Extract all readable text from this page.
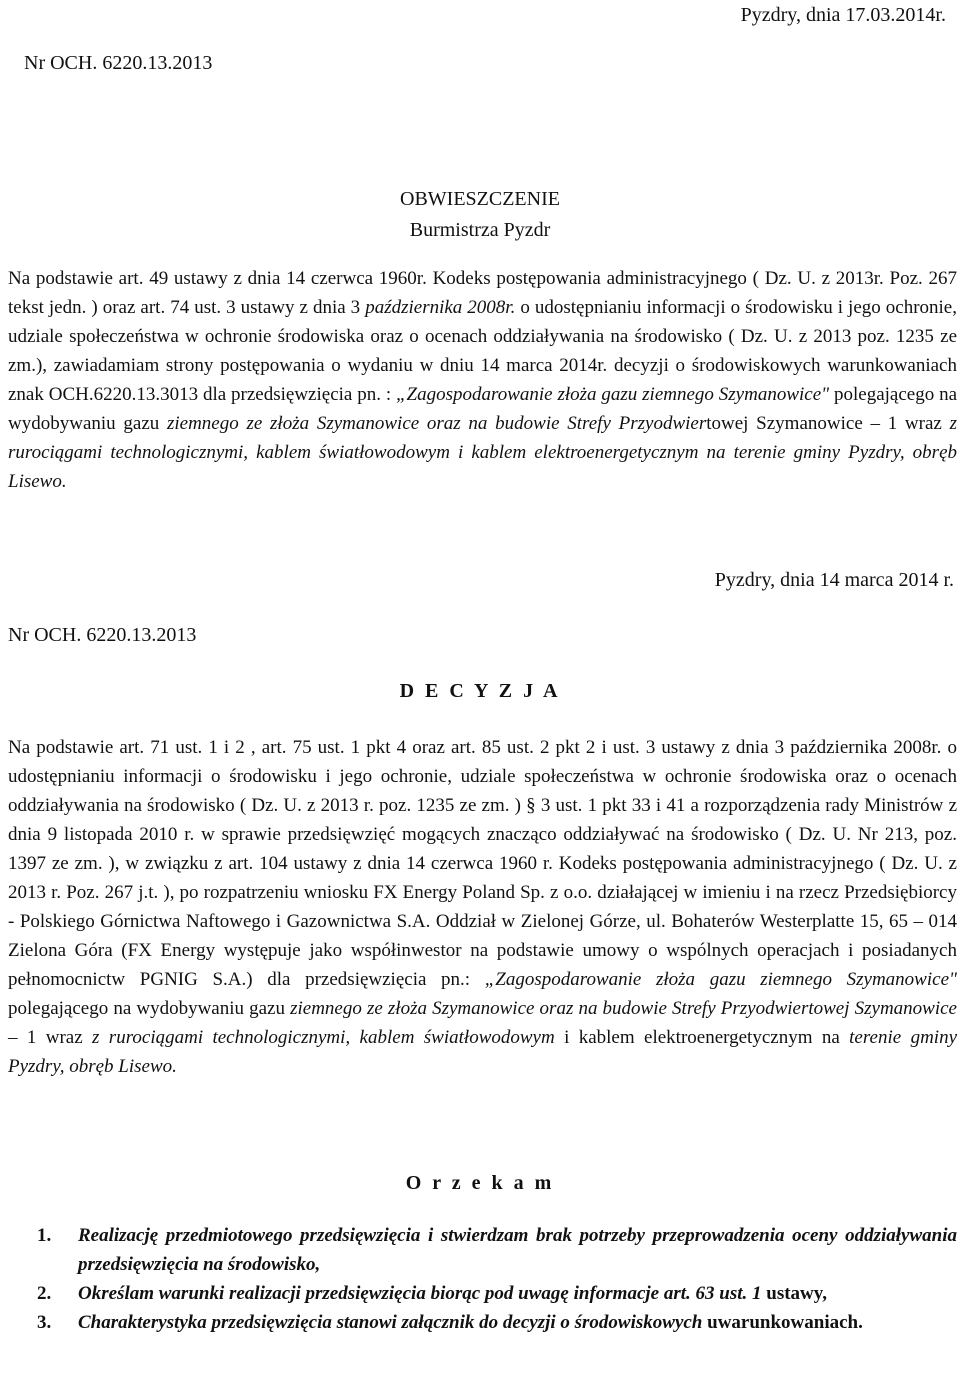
Pyzdry, dnia 17.03.2014r.
Nr OCH. 6220.13.2013
OBWIESZCZENIE
Burmistrza Pyzdr

Na podstawie art. 49 ustawy z dnia 14 czerwca 1960r. Kodeks postępowania administracyjnego ( Dz. U. z 2013r. Poz. 267 tekst jedn. ) oraz art. 74 ust. 3 ustawy z dnia 3 października 2008r. o udostępnianiu informacji o środowisku i jego ochronie, udziale społeczeństwa w ochronie środowiska oraz o ocenach oddziaływania na środowisko ( Dz. U. z 2013 poz. 1235 ze zm.), zawiadamiam strony postępowania o wydaniu w dniu 14 marca 2014r. decyzji o środowiskowych warunkowaniach znak OCH.6220.13.3013 dla przedsięwzięcia pn. : „Zagospodarowanie złoża gazu ziemnego Szymanowice" polegającego na wydobywaniu gazu ziemnego ze złoża Szymanowice oraz na budowie Strefy Przyodwiertowej Szymanowice – 1 wraz z rurociągami technologicznymi, kablem światłowodowym i kablem elektroenergetycznym na terenie gminy Pyzdry, obręb Lisewo.

Pyzdry, dnia 14 marca 2014 r.
Nr OCH. 6220.13.2013
D E C Y Z J A

Na podstawie art. 71 ust. 1 i 2 , art. 75 ust. 1 pkt 4 oraz art. 85 ust. 2 pkt 2 i ust. 3 ustawy z dnia 3 października 2008r. o udostępnianiu informacji o środowisku i jego ochronie, udziale społeczeństwa w ochronie środowiska oraz o ocenach oddziaływania na środowisko ( Dz. U. z 2013 r. poz. 1235 ze zm. ) § 3 ust. 1 pkt 33 i 41 a rozporządzenia rady Ministrów z dnia 9 listopada 2010 r. w sprawie przedsięwzięć mogących znacząco oddziaływać na środowisko ( Dz. U. Nr 213, poz. 1397 ze zm. ), w związku z art. 104 ustawy z dnia 14 czerwca 1960 r. Kodeks postępowania administracyjnego ( Dz. U. z 2013 r. Poz. 267 j.t. ), po rozpatrzeniu wniosku FX Energy Poland Sp. z o.o. działającej w imieniu i na rzecz Przedsiębiorcy - Polskiego Górnictwa Naftowego i Gazownictwa S.A. Oddział w Zielonej Górze, ul. Bohaterów Westerplatte 15, 65 – 014 Zielona Góra (FX Energy występuje jako współinwestor na podstawie umowy o wspólnych operacjach i posiadanych pełnomocnictw PGNIG S.A.) dla przedsięwzięcia pn.: „Zagospodarowanie złoża gazu ziemnego Szymanowice" polegającego na wydobywaniu gazu ziemnego ze złoża Szymanowice oraz na budowie Strefy Przyodwiertowej Szymanowice – 1 wraz z rurociągami technologicznymi, kablem światłowodowym i kablem elektroenergetycznym na terenie gminy Pyzdry, obręb Lisewo.

O r z e k a m
1. Realizację przedmiotowego przedsięwzięcia i stwierdzam brak potrzeby przeprowadzenia oceny oddziaływania przedsięwzięcia na środowisko,
2. Określam warunki realizacji przedsięwzięcia biorąc pod uwagę informacje art. 63 ust. 1 ustawy,
3. Charakterystyka przedsięwzięcia stanowi załącznik do decyzji o środowiskowych uwarunkowaniach.
